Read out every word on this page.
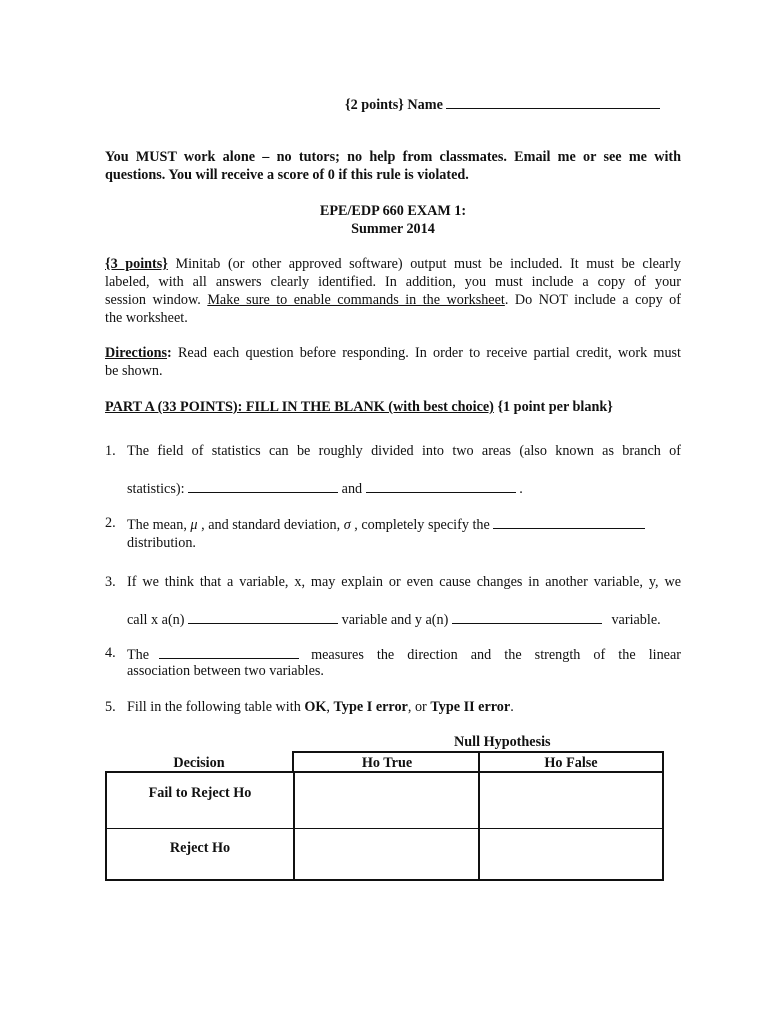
{2 points} Name
You MUST work alone – no tutors; no help from classmates. Email me or see me with
questions. You will receive a score of 0 if this rule is violated.
EPE/EDP 660 EXAM 1:
Summer 2014
{3 points} Minitab (or other approved software) output must be included. It must be clearly
labeled, with all answers clearly identified. In addition, you must include a copy of your
session window. Make sure to enable commands in the worksheet. Do NOT include a copy of
the worksheet.
Directions: Read each question before responding. In order to receive partial credit, work must
be shown.
PART A (33 POINTS): FILL IN THE BLANK (with best choice) {1 point per blank}
1. The field of statistics can be roughly divided into two areas (also known as branch of
statistics):	and	.
2. The mean, μ , and standard deviation, σ , completely specify the
distribution.
3. If we think that a variable, x, may explain or even cause changes in another variable, y, we
call x a(n)	variable and y a(n)	variable.
4. The	measures the direction and the strength of the linear
association between two variables.
5. Fill in the following table with OK, Type I error, or Type II error.
Null Hypothesis
Decision	Ho True	Ho False
Fail to Reject Ho
Reject Ho
